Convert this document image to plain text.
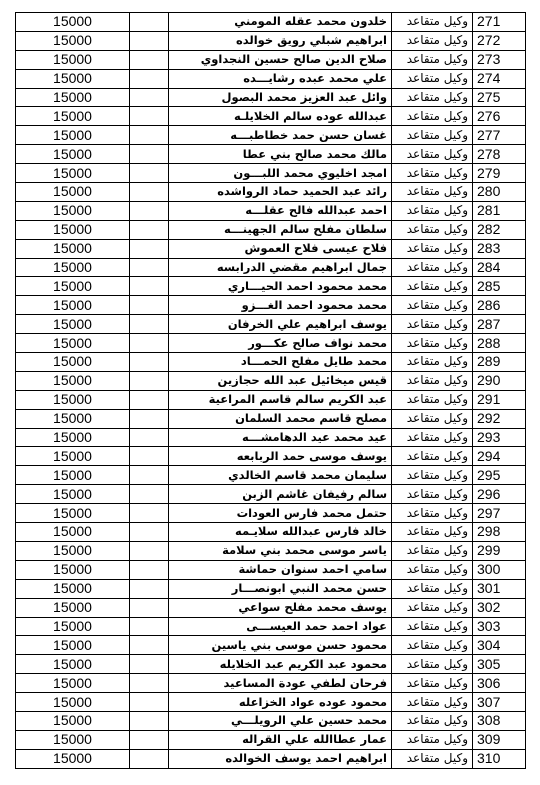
271	وكيل متقاعد	خلدون محمد عقله المومني		15000
272	وكيل متقاعد	ابراهيم شبلي رويق خوالده		15000
273	وكيل متقاعد	صلاح الدين صالح حسين النجداوي		15000
274	وكيل متقاعد	علي محمد عبده رشايـــده		15000
275	وكيل متقاعد	وائل عبد العزيز محمد البصول		15000
276	وكيل متقاعد	عبدالله عوده سالم الخلايلـه		15000
277	وكيل متقاعد	غسان حسن حمد خطاطبـــه		15000
278	وكيل متقاعد	مالك محمد صالح بني عطا		15000
279	وكيل متقاعد	امجد اخليوي محمد اللبـــون		15000
280	وكيل متقاعد	رائد عبد الحميد حماد الرواشده		15000
281	وكيل متقاعد	احمد عبدالله فالح عقلـــه		15000
282	وكيل متقاعد	سلطان مفلح سالم الجهينـــه		15000
283	وكيل متقاعد	فلاح عيسى فلاح العموش		15000
284	وكيل متقاعد	جمال ابراهيم مقضي الدرابسه		15000
285	وكيل متقاعد	محمد محمود احمد الحيـــاري		15000
286	وكيل متقاعد	محمد محمود احمد الغـــزو		15000
287	وكيل متقاعد	يوسف ابراهيم علي الخرفان		15000
288	وكيل متقاعد	محمد نواف صالح عكـــور		15000
289	وكيل متقاعد	محمد طايل مفلح الحمـــاد		15000
290	وكيل متقاعد	قيس ميخائيل عبد الله حجازين		15000
291	وكيل متقاعد	عبد الكريم سالم قاسم المراعية		15000
292	وكيل متقاعد	مصلح قاسم محمد السلمان		15000
293	وكيل متقاعد	عيد محمد عيد الدهامشـــه		15000
294	وكيل متقاعد	يوسف موسى حمد الربابعه		15000
295	وكيل متقاعد	سليمان محمد قاسم الخالدي		15000
296	وكيل متقاعد	سالم رفيفان غاشم الزبن		15000
297	وكيل متقاعد	حتمل محمد فارس العودات		15000
298	وكيل متقاعد	خالد فارس عبدالله سلايـمه		15000
299	وكيل متقاعد	ياسر موسى محمد بني سلامة		15000
300	وكيل متقاعد	سامي احمد سنوان حماشة		15000
301	وكيل متقاعد	حسن محمد النبي ابونصـــار		15000
302	وكيل متقاعد	يوسف محمد مفلح سواعي		15000
303	وكيل متقاعد	عواد احمد حمد العيســـى		15000
304	وكيل متقاعد	محمود حسن موسى بني ياسين		15000
305	وكيل متقاعد	محمود عبد الكريم عبد الخلايله		15000
306	وكيل متقاعد	فرحان لطفي عودة المساعيد		15000
307	وكيل متقاعد	محمود عوده عواد الخزاعله		15000
308	وكيل متقاعد	محمد حسين علي الرويلـــي		15000
309	وكيل متقاعد	عمار عطاالله علي القراله		15000
310	وكيل متقاعد	ابراهيم احمد يوسف الخوالده		15000
